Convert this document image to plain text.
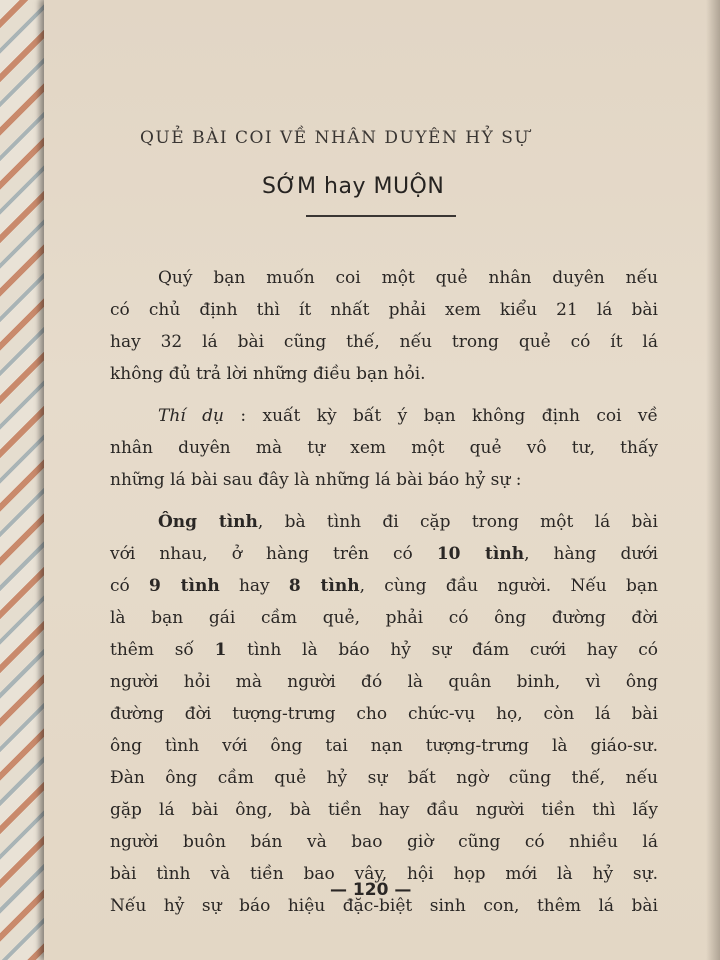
QUẺ BÀI COI VỀ NHÂN DUYÊN HỶ SỰ
SỚM hay MUỘN
Quý bạn muốn coi một quẻ nhân duyên nếu
có chủ định thì ít nhất phải xem kiểu 21 lá bài
hay 32 lá bài cũng thế, nếu trong quẻ có ít lá
không đủ trả lời những điều bạn hỏi.
Thí dụ : xuất kỳ bất ý bạn không định coi về
nhân duyên mà tự xem một quẻ vô tư, thấy
những lá bài sau đây là những lá bài báo hỷ sự :
Ông tình, bà tình đi cặp trong một lá bài
với nhau, ở hàng trên có 10 tình, hàng dưới
có 9 tình hay 8 tình, cùng đầu người. Nếu bạn
là bạn gái cầm quẻ, phải có ông đường đời
thêm số 1 tình là báo hỷ sự đám cưới hay có
người hỏi mà người đó là quân binh, vì ông
đường đời tượng-trưng cho chức-vụ họ, còn lá bài
ông tình với ông tai nạn tượng-trưng là giáo-sư.
Đàn ông cầm quẻ hỷ sự bất ngờ cũng thế, nếu
gặp lá bài ông, bà tiền hay đầu người tiền thì lấy
người buôn bán và bao giờ cũng có nhiều lá
bài tình và tiền bao vây, hội họp mới là hỷ sự.
Nếu hỷ sự báo hiệu đặc-biệt sinh con, thêm lá bài
— 120 —
